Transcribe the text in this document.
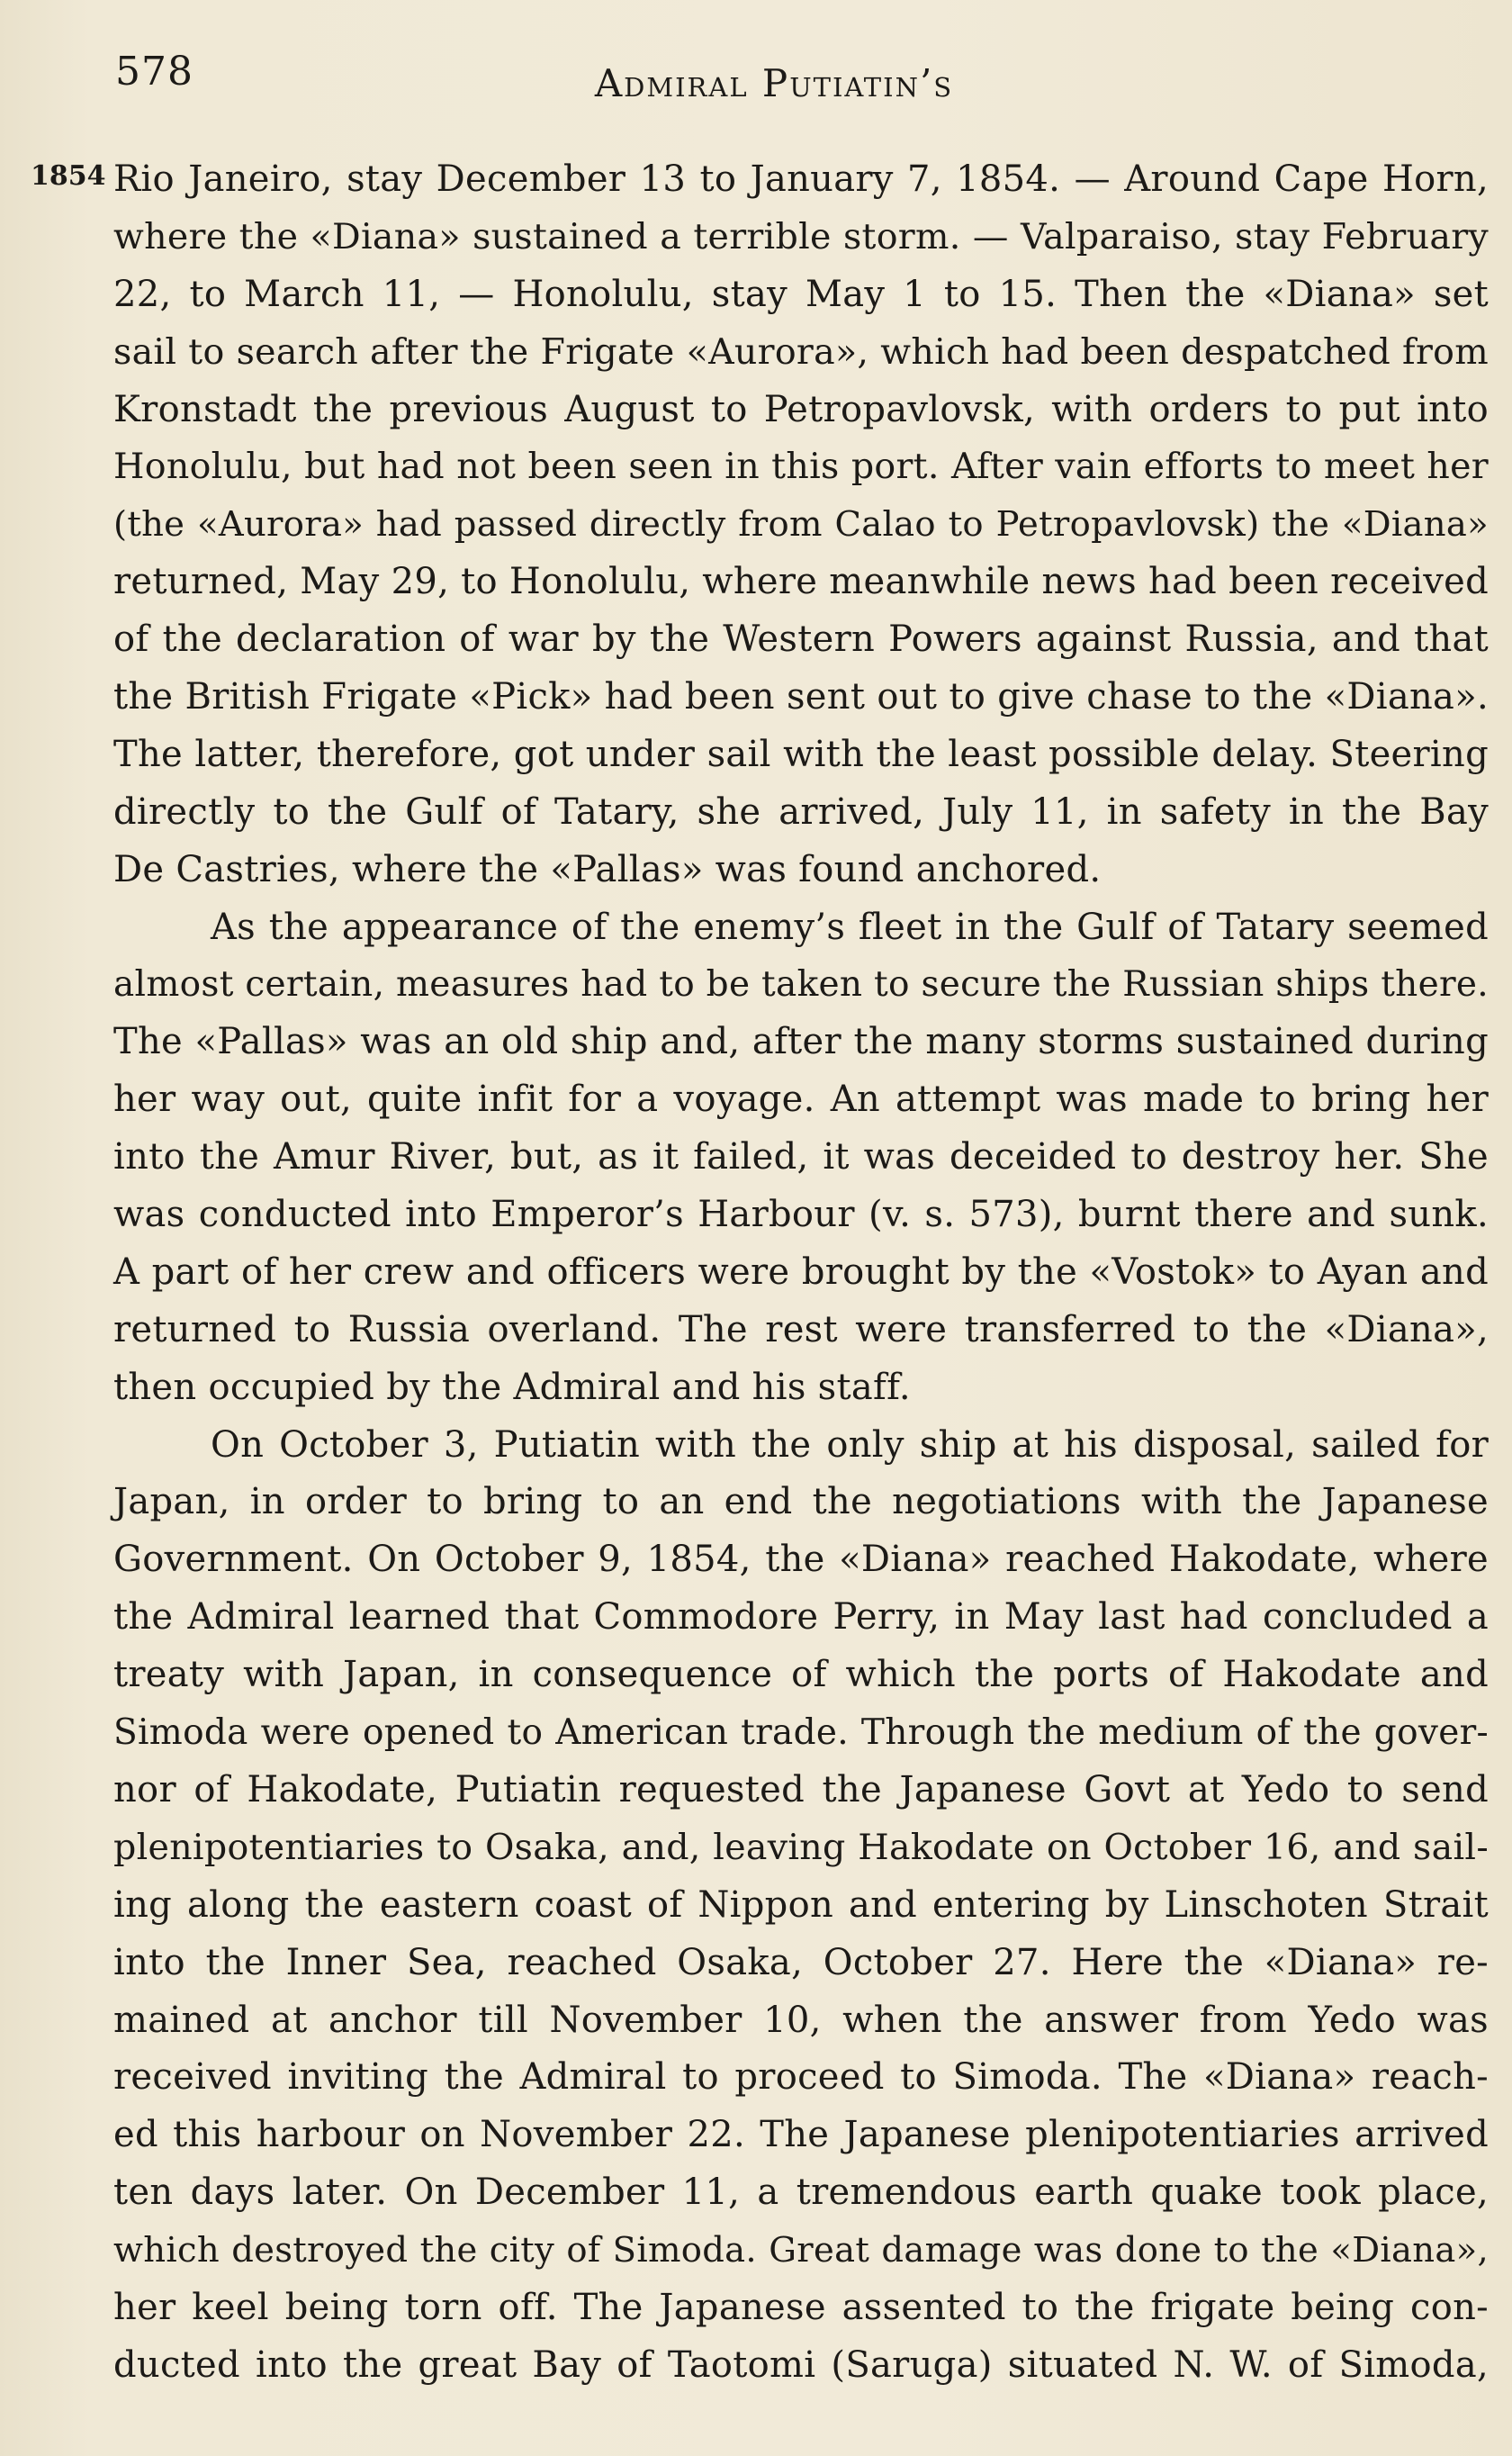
578	Admiral Putiatin’s
1854 Rio Janeiro, stay December 13 to January 7, 1854. — Around Cape Horn,
where the «Diana» sustained a terrible storm. — Valparaiso, stay February
22, to March 11, — Honolulu, stay May 1 to 15. Then the «Diana» set
sail to search after the Frigate «Aurora», which had been despatched from
Kronstadt the previous August to Petropavlovsk, with orders to put into
Honolulu, but had not been seen in this port. After vain efforts to meet her
(the «Aurora» had passed directly from Calao to Petropavlovsk) the «Diana»
returned, May 29, to Honolulu, where meanwhile news had been received
of the declaration of war by the Western Powers against Russia, and that
the British Frigate «Pick» had been sent out to give chase to the «Diana».
The latter, therefore, got under sail with the least possible delay. Steering
directly to the Gulf of Tatary, she arrived, July 11, in safety in the Bay
De Castries, where the «Pallas» was found anchored.
As the appearance of the enemy’s fleet in the Gulf of Tatary seemed
almost certain, measures had to be taken to secure the Russian ships there.
The «Pallas» was an old ship and, after the many storms sustained during
her way out, quite infit for a voyage. An attempt was made to bring her
into the Amur River, but, as it failed, it was deceided to destroy her. She
was conducted into Emperor’s Harbour (v. s. 573), burnt there and sunk.
A part of her crew and officers were brought by the «Vostok» to Ayan and
returned to Russia overland. The rest were transferred to the «Diana»,
then occupied by the Admiral and his staff.
On October 3, Putiatin with the only ship at his disposal, sailed for
Japan, in order to bring to an end the negotiations with the Japanese
Government. On October 9, 1854, the «Diana» reached Hakodate, where
the Admiral learned that Commodore Perry, in May last had concluded a
treaty with Japan, in consequence of which the ports of Hakodate and
Simoda were opened to American trade. Through the medium of the gover-
nor of Hakodate, Putiatin requested the Japanese Govt at Yedo to send
plenipotentiaries to Osaka, and, leaving Hakodate on October 16, and sail-
ing along the eastern coast of Nippon and entering by Linschoten Strait
into the Inner Sea, reached Osaka, October 27. Here the «Diana» re-
mained at anchor till November 10, when the answer from Yedo was
received inviting the Admiral to proceed to Simoda. The «Diana» reach-
ed this harbour on November 22. The Japanese plenipotentiaries arrived
ten days later. On December 11, a tremendous earth quake took place,
which destroyed the city of Simoda. Great damage was done to the «Diana»,
her keel being torn off. The Japanese assented to the frigate being con-
ducted into the great Bay of Taotomi (Saruga) situated N. W. of Simoda,
